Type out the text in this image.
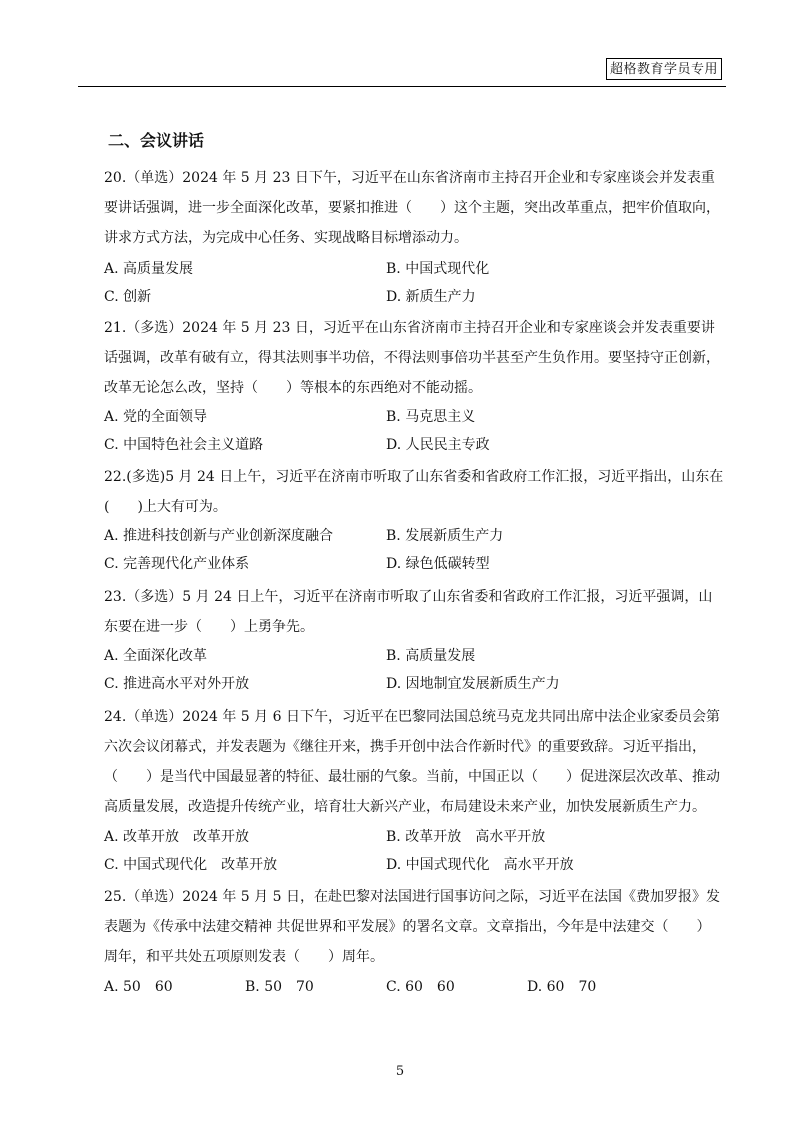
超格教育学员专用
二、会议讲话
20.（单选）2024 年 5 月 23 日下午，习近平在山东省济南市主持召开企业和专家座谈会并发表重要讲话强调，进一步全面深化改革，要紧扣推进（　　）这个主题，突出改革重点，把牢价值取向，讲求方式方法，为完成中心任务、实现战略目标增添动力。
A. 高质量发展	B. 中国式现代化
C. 创新	D. 新质生产力
21.（多选）2024 年 5 月 23 日，习近平在山东省济南市主持召开企业和专家座谈会并发表重要讲话强调，改革有破有立，得其法则事半功倍，不得法则事倍功半甚至产生负作用。要坚持守正创新，改革无论怎么改，坚持（　　）等根本的东西绝对不能动摇。
A. 党的全面领导	B. 马克思主义
C. 中国特色社会主义道路	D. 人民民主专政
22.(多选)5 月 24 日上午，习近平在济南市听取了山东省委和省政府工作汇报，习近平指出，山东在(　　)上大有可为。
A. 推进科技创新与产业创新深度融合	B. 发展新质生产力
C. 完善现代化产业体系	D. 绿色低碳转型
23.（多选）5 月 24 日上午，习近平在济南市听取了山东省委和省政府工作汇报，习近平强调，山东要在进一步（　　）上勇争先。
A. 全面深化改革	B. 高质量发展
C. 推进高水平对外开放	D. 因地制宜发展新质生产力
24.（单选）2024 年 5 月 6 日下午，习近平在巴黎同法国总统马克龙共同出席中法企业家委员会第六次会议闭幕式，并发表题为《继往开来，携手开创中法合作新时代》的重要致辞。习近平指出，（　　）是当代中国最显著的特征、最壮丽的气象。当前，中国正以（　　）促进深层次改革、推动高质量发展，改造提升传统产业，培育壮大新兴产业，布局建设未来产业，加快发展新质生产力。
A. 改革开放　改革开放	B. 改革开放　高水平开放
C. 中国式现代化　改革开放	D. 中国式现代化　高水平开放
25.（单选）2024 年 5 月 5 日，在赴巴黎对法国进行国事访问之际，习近平在法国《费加罗报》发表题为《传承中法建交精神 共促世界和平发展》的署名文章。文章指出，今年是中法建交（　　）周年，和平共处五项原则发表（　　）周年。
A. 50　60	B. 50　70	C. 60　60	D. 60　70
5
